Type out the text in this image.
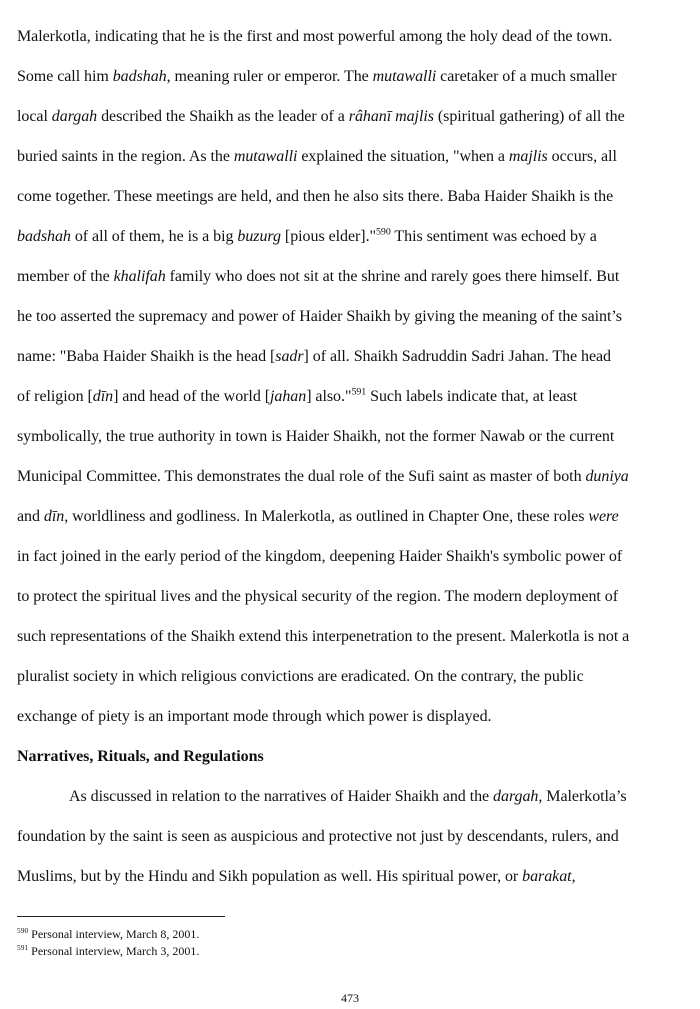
Malerkotla, indicating that he is the first and most powerful among the holy dead of the town.
Some call him badshah, meaning ruler or emperor. The mutawalli caretaker of a much smaller
local dargah described the Shaikh as the leader of a râhanī majlis (spiritual gathering) of all the
buried saints in the region. As the mutawalli explained the situation, "when a majlis occurs, all
come together. These meetings are held, and then he also sits there. Baba Haider Shaikh is the
badshah of all of them, he is a big buzurg [pious elder]."$^{590}$ This sentiment was echoed by a
member of the khalifah family who does not sit at the shrine and rarely goes there himself. But
he too asserted the supremacy and power of Haider Shaikh by giving the meaning of the saint’s
name: "Baba Haider Shaikh is the head [sadr] of all. Shaikh Sadruddin Sadri Jahan. The head
of religion [dīn] and head of the world [jahan] also."$^{591}$ Such labels indicate that, at least
symbolically, the true authority in town is Haider Shaikh, not the former Nawab or the current
Municipal Committee. This demonstrates the dual role of the Sufi saint as master of both duniya
and dīn, worldliness and godliness. In Malerkotla, as outlined in Chapter One, these roles were
in fact joined in the early period of the kingdom, deepening Haider Shaikh's symbolic power of
to protect the spiritual lives and the physical security of the region. The modern deployment of
such representations of the Shaikh extend this interpenetration to the present. Malerkotla is not a
pluralist society in which religious convictions are eradicated. On the contrary, the public
exchange of piety is an important mode through which power is displayed.
Narratives, Rituals, and Regulations
As discussed in relation to the narratives of Haider Shaikh and the dargah, Malerkotla’s
foundation by the saint is seen as auspicious and protective not just by descendants, rulers, and
Muslims, but by the Hindu and Sikh population as well. His spiritual power, or barakat,
$^{590}$ Personal interview, March 8, 2001.
$^{591}$ Personal interview, March 3, 2001.
473
